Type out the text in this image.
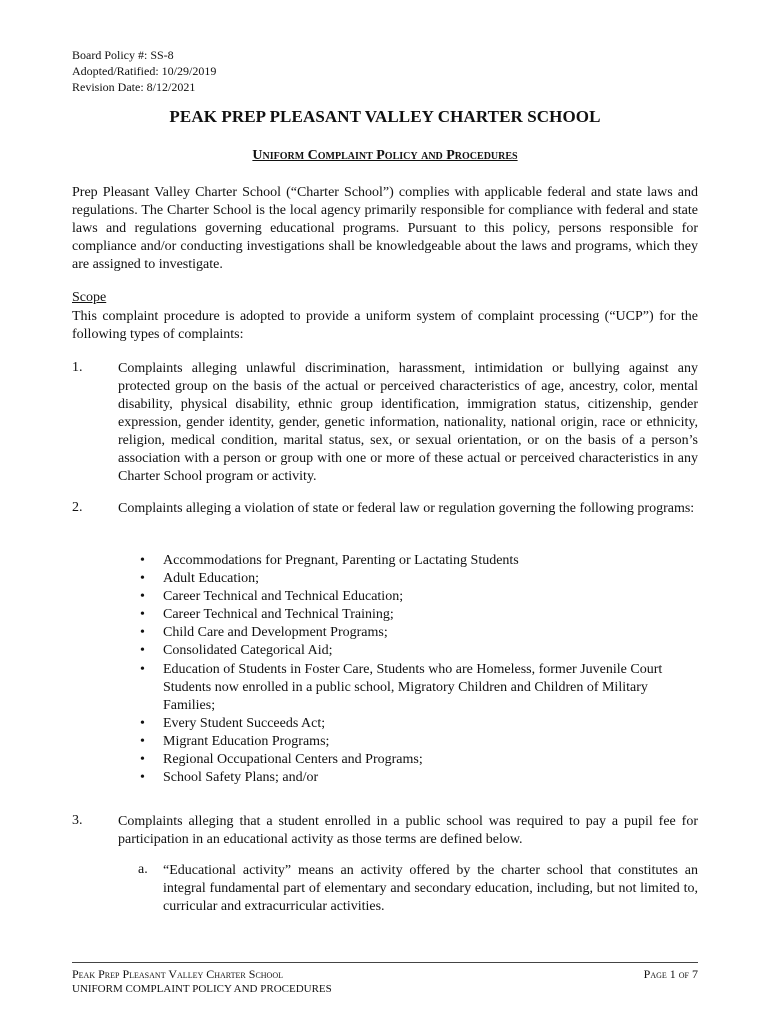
Board Policy #: SS-8
Adopted/Ratified: 10/29/2019
Revision Date: 8/12/2021
PEAK PREP PLEASANT VALLEY CHARTER SCHOOL
Uniform Complaint Policy and Procedures
Prep Pleasant Valley Charter School (“Charter School”) complies with applicable federal and state laws and regulations. The Charter School is the local agency primarily responsible for compliance with federal and state laws and regulations governing educational programs. Pursuant to this policy, persons responsible for compliance and/or conducting investigations shall be knowledgeable about the laws and programs, which they are assigned to investigate.
Scope
This complaint procedure is adopted to provide a uniform system of complaint processing (“UCP”) for the following types of complaints:
1.	Complaints alleging unlawful discrimination, harassment, intimidation or bullying against any protected group on the basis of the actual or perceived characteristics of age, ancestry, color, mental disability, physical disability, ethnic group identification, immigration status, citizenship, gender expression, gender identity, gender, genetic information, nationality, national origin, race or ethnicity, religion, medical condition, marital status, sex, or sexual orientation, or on the basis of a person’s association with a person or group with one or more of these actual or perceived characteristics in any Charter School program or activity.
2.	Complaints alleging a violation of state or federal law or regulation governing the following programs:
• Accommodations for Pregnant, Parenting or Lactating Students
• Adult Education;
• Career Technical and Technical Education;
• Career Technical and Technical Training;
• Child Care and Development Programs;
• Consolidated Categorical Aid;
• Education of Students in Foster Care, Students who are Homeless, former Juvenile Court Students now enrolled in a public school, Migratory Children and Children of Military Families;
• Every Student Succeeds Act;
• Migrant Education Programs;
• Regional Occupational Centers and Programs;
• School Safety Plans; and/or
3.	Complaints alleging that a student enrolled in a public school was required to pay a pupil fee for participation in an educational activity as those terms are defined below.
a. “Educational activity” means an activity offered by the charter school that constitutes an integral fundamental part of elementary and secondary education, including, but not limited to, curricular and extracurricular activities.
Peak Prep Pleasant Valley Charter School
UNIFORM COMPLAINT POLICY AND PROCEDURES
Page 1 of 7
